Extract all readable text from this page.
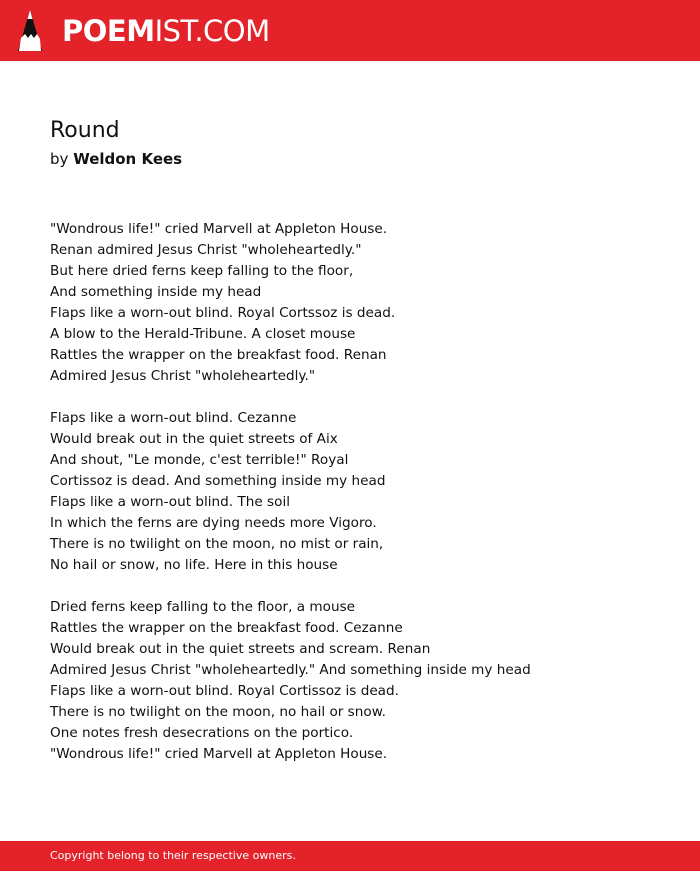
POEMIST.COM
Round
by Weldon Kees
"Wondrous life!" cried Marvell at Appleton House.
Renan admired Jesus Christ "wholeheartedly."
But here dried ferns keep falling to the floor,
And something inside my head
Flaps like a worn-out blind. Royal Cortssoz is dead.
A blow to the Herald-Tribune. A closet mouse
Rattles the wrapper on the breakfast food. Renan
Admired Jesus Christ "wholeheartedly."
Flaps like a worn-out blind. Cezanne
Would break out in the quiet streets of Aix
And shout, "Le monde, c'est terrible!" Royal
Cortissoz is dead. And something inside my head
Flaps like a worn-out blind. The soil
In which the ferns are dying needs more Vigoro.
There is no twilight on the moon, no mist or rain,
No hail or snow, no life. Here in this house
Dried ferns keep falling to the floor, a mouse
Rattles the wrapper on the breakfast food. Cezanne
Would break out in the quiet streets and scream. Renan
Admired Jesus Christ "wholeheartedly." And something inside my head
Flaps like a worn-out blind. Royal Cortissoz is dead.
There is no twilight on the moon, no hail or snow.
One notes fresh desecrations on the portico.
"Wondrous life!" cried Marvell at Appleton House.
Copyright belong to their respective owners.
